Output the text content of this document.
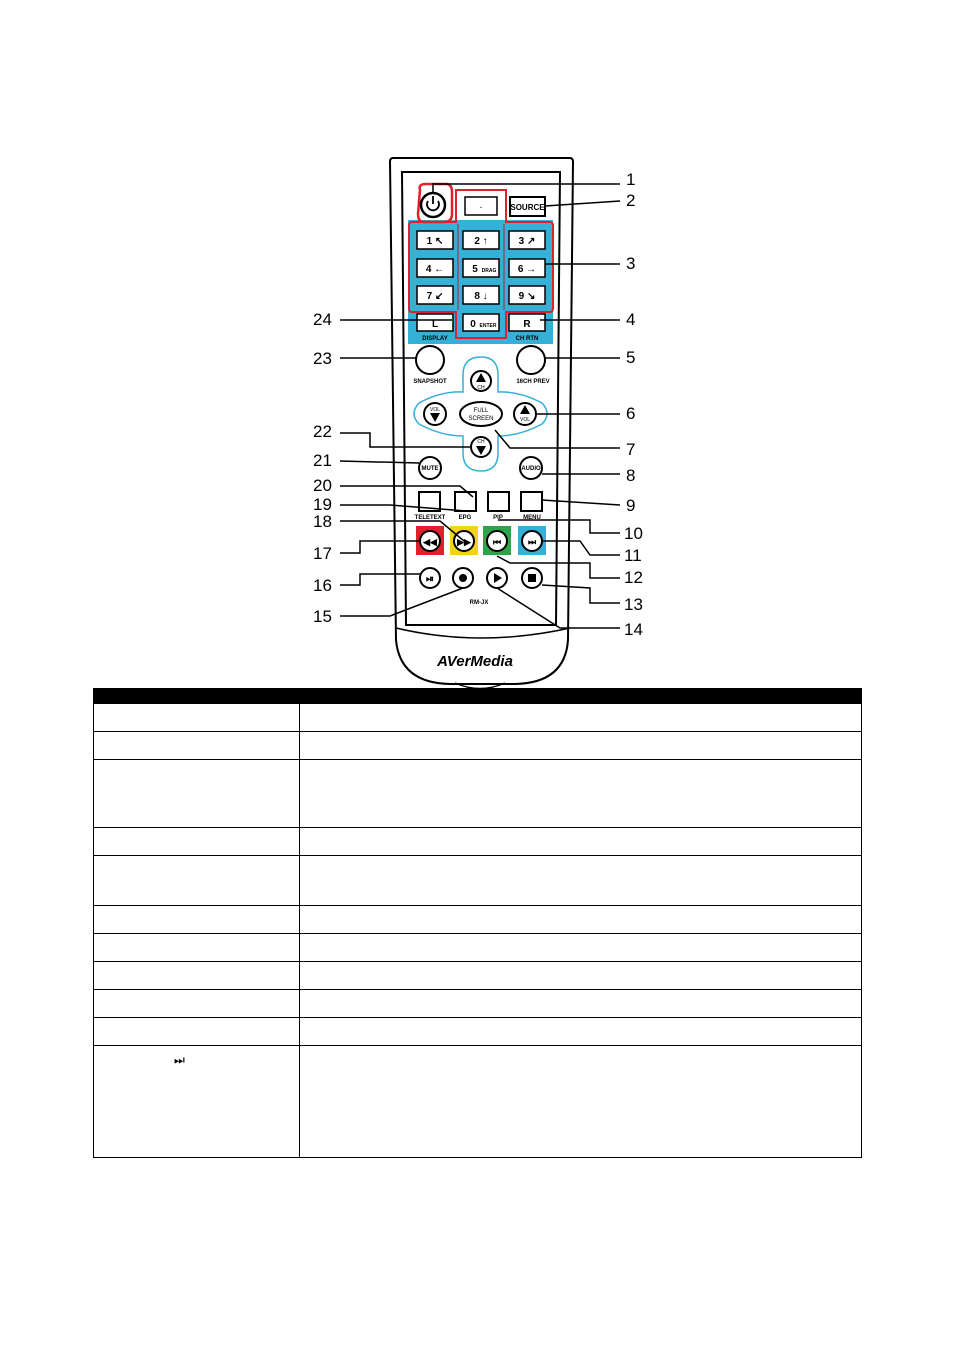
·	SOURCE
1 ↖	2 ↑	3 ↗
4 ←	5 DRAG 6 →
7 ↙	8 ↓	9 ↘
L	0 ENTER	R
DISPLAY	CH RTN
SNAPSHOT	16CH PREV
CH
CH
VOL
VOL
FULL
SCREEN
MUTE	AUDIO
TELETEXT EPG	PIP	MENU
◀◀ ▶▶ ⏮	⏭
⏯
RM-JX
AVerMedia
1
2
3
4
5
6
7
8
9
10
11
12
13
14
15
16
17
18
19
20
21
22
23
24

⏭	
